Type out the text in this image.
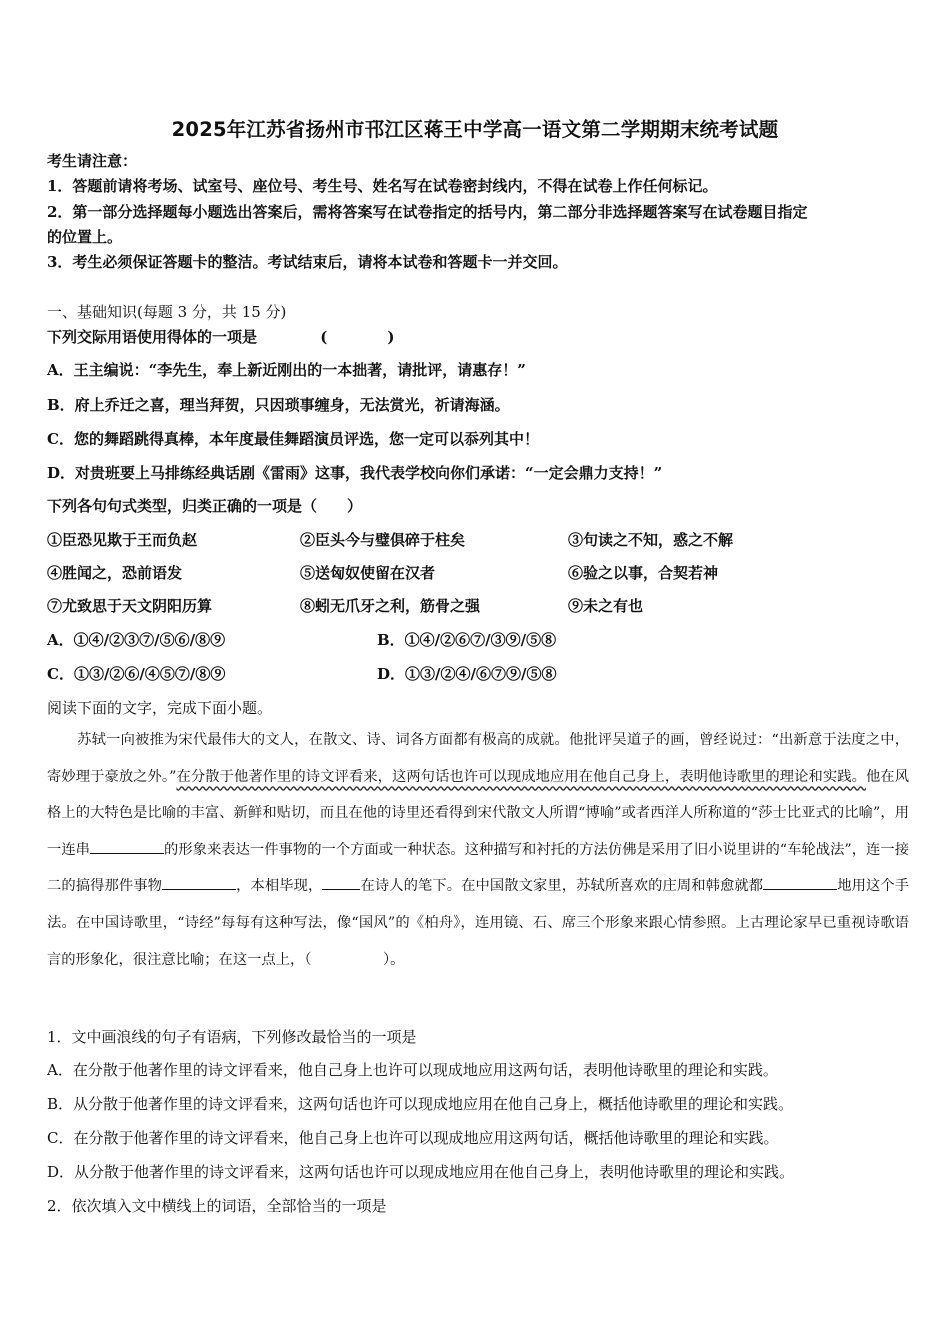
2025年江苏省扬州市邗江区蒋王中学高一语文第二学期期末统考试题
考生请注意：
1．答题前请将考场、试室号、座位号、考生号、姓名写在试卷密封线内，不得在试卷上作任何标记。
2．第一部分选择题每小题选出答案后，需将答案写在试卷指定的括号内，第二部分非选择题答案写在试卷题目指定
的位置上。
3．考生必须保证答题卡的整洁。考试结束后，请将本试卷和答题卡一并交回。
一、基础知识(每题 3 分，共 15 分)
下列交际用语使用得体的一项是	(　　　　)
A．王主编说：“李先生，奉上新近刚出的一本拙著，请批评，请惠存！”
B．府上乔迁之喜，理当拜贺，只因琐事缠身，无法赏光，祈请海涵。
C．您的舞蹈跳得真棒，本年度最佳舞蹈演员评选，您一定可以忝列其中！
D．对贵班要上马排练经典话剧《雷雨》这事，我代表学校向你们承诺：“一定会鼎力支持！”
下列各句句式类型，归类正确的一项是（　　）
①臣恐见欺于王而负赵	②臣头今与璧俱碎于柱矣	③句读之不知，惑之不解
④胜闻之，恐前语发	⑤送匈奴使留在汉者	⑥验之以事，合契若神
⑦尤致思于天文阴阳历算	⑧蚓无爪牙之利，筋骨之强	⑨未之有也
A．①④/②③⑦/⑤⑥/⑧⑨	B．①④/②⑥⑦/③⑨/⑤⑧
C．①③/②⑥/④⑤⑦/⑧⑨	D．①③/②④/⑥⑦⑨/⑤⑧
阅读下面的文字，完成下面小题。
苏轼一向被推为宋代最伟大的文人，在散文、诗、词各方面都有极高的成就。他批评吴道子的画，曾经说过：“出新意于法度之中，寄妙理于豪放之外。”在分散于他著作里的诗文评看来，这两句话也许可以现成地应用在他自己身上，表明他诗歌里的理论和实践。他在风格上的大特色是比喻的丰富、新鲜和贴切，而且在他的诗里还看得到宋代散文人所谓“博喻”或者西洋人所称道的“莎士比亚式的比喻”，用一连串	的形象来表达一件事物的一个方面或一种状态。这种描写和衬托的方法仿佛是采用了旧小说里讲的“车轮战法”，连一接二的搞得那件事物	，本相毕现，	在诗人的笔下。在中国散文家里，苏轼所喜欢的庄周和韩愈就都	地用这个手法。在中国诗歌里，“诗经”每每有这种写法，像“国风”的《柏舟》，连用镜、石、席三个形象来跟心情参照。上古理论家早已重视诗歌语言的形象化，很注意比喻；在这一点上，（　　　　　）。
1．文中画浪线的句子有语病，下列修改最恰当的一项是
A．在分散于他著作里的诗文评看来，他自己身上也许可以现成地应用这两句话，表明他诗歌里的理论和实践。
B．从分散于他著作里的诗文评看来，这两句话也许可以现成地应用在他自己身上，概括他诗歌里的理论和实践。
C．在分散于他著作里的诗文评看来，他自己身上也许可以现成地应用这两句话，概括他诗歌里的理论和实践。
D．从分散于他著作里的诗文评看来，这两句话也许可以现成地应用在他自己身上，表明他诗歌里的理论和实践。
2．依次填入文中横线上的词语，全部恰当的一项是
